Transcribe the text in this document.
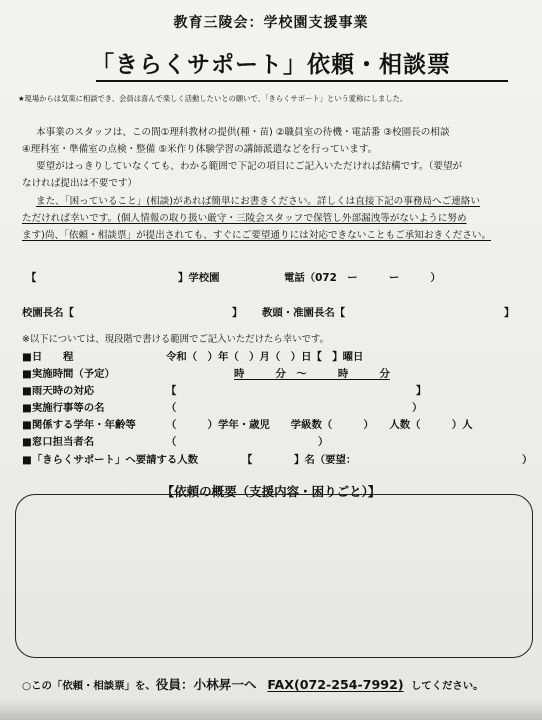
教育三陵会：学校園支援事業
「きらくサポート」依頼・相談票
★現場からは気楽に相談でき、会員は喜んで楽しく活動したいとの願いで、「きらくサポート」という愛称にしました。
本事業のスタッフは、この間①理科教材の提供(種・苗) ②職員室の待機・電話番 ③校園長の相談
④理科室・準備室の点検・整備 ⑤米作り体験学習の講師派遣などを行っています。
要望がはっきりしていなくても、わかる範囲で下記の項目にご記入いただければ結構です。（要望が
なければ提出は不要です）
また、「困っていること」(相談)があれば簡単にお書きください。詳しくは直接下記の事務局へご連絡い
ただければ幸いです。(個人情報の取り扱い厳守・三陵会スタッフで保管し外部漏洩等がないように努め
ます)尚、「依頼・相談票」が提出されても、すぐにご要望通りには対応できないこともご承知おきください。
【	】学校園	電話（072　ー　　　ー　　　）
校園長名【	】 教頭・准園長名【	】
※以下については、現段階で書ける範囲でご記入いただけたら幸いです。
■日　　程	令和（　）年（　）月（　）日【　】曜日
■実施時間（予定）	時　　　分　～　　　時　　　分
■雨天時の対応	【	】
■実施行事等の名	（	）
■関係する学年・年齢等	（　　　）学年・歳児　　学級数（　　　）　　人数（　　　）人
■窓口担当者名	（	）
■「きらくサポート」へ要請する人数	【　　　　】名（要望：	）
【依頼の概要（支援内容・困りごと）】
○この「依頼・相談票」を、役員：小林昇一へ FAX(072-254-7992) してください。
